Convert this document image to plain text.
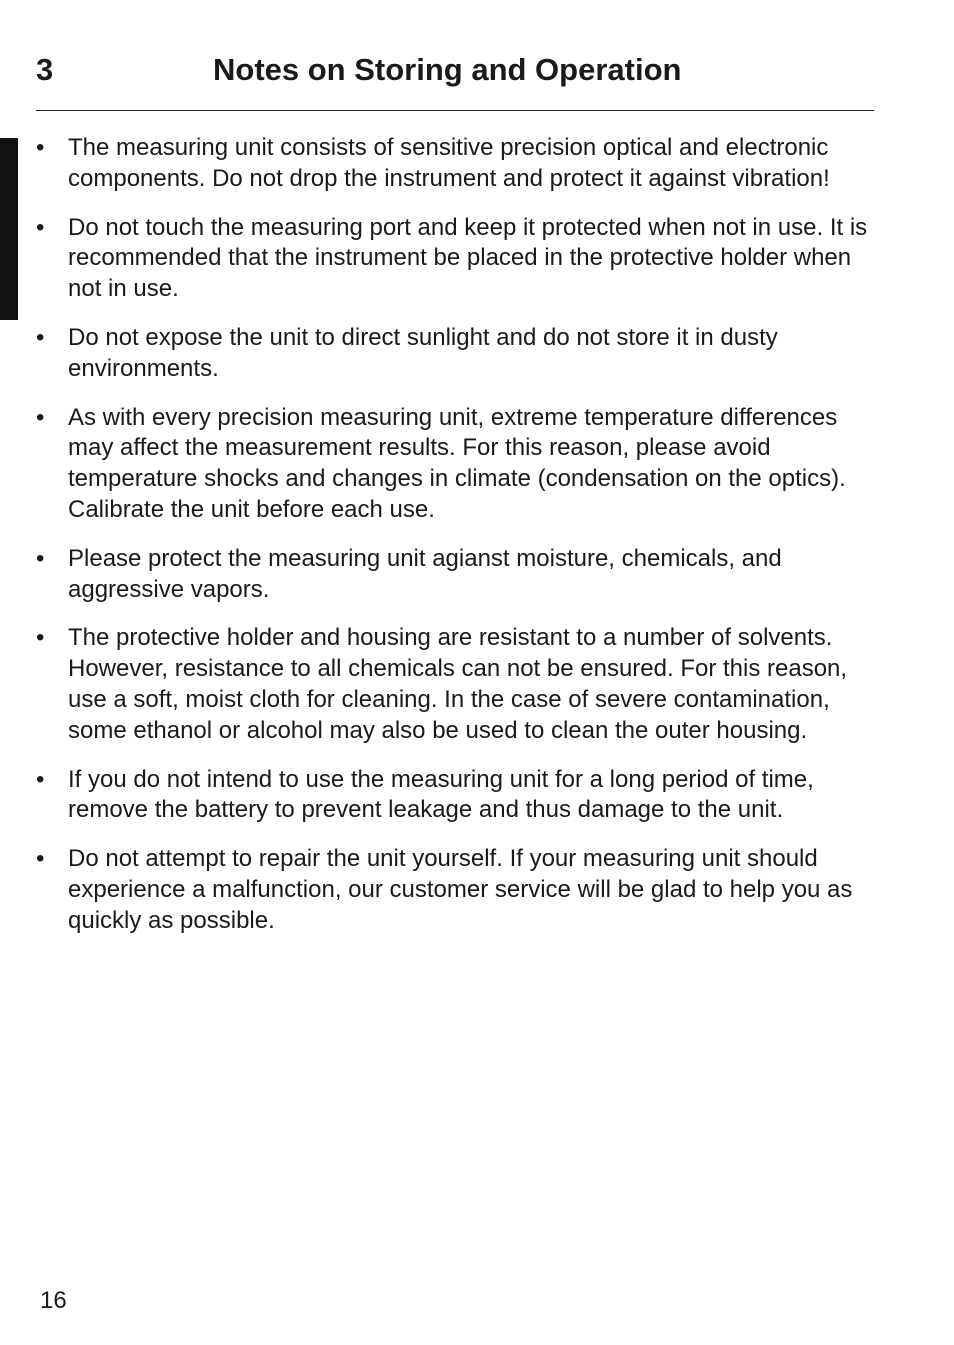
3	Notes on Storing and Operation
• The measuring unit consists of sensitive precision optical and electronic components. Do not drop the instrument and protect it against vibration!
• Do not touch the measuring port and keep it protected when not in use. It is recommended that the instrument be placed in the protective holder when not in use.
• Do not expose the unit to direct sunlight and do not store it in dusty environments.
• As with every precision measuring unit, extreme temperature differences may affect the measurement results. For this reason, please avoid temperature shocks and changes in climate (condensation on the optics). Calibrate the unit before each use.
• Please protect the measuring unit agianst moisture, chemicals, and aggressive vapors.
• The protective holder and housing are resistant to a number of solvents. However, resistance to all chemicals can not be ensured. For this reason, use a soft, moist cloth for cleaning. In the case of severe contamination, some ethanol or alcohol may also be used to clean the outer housing.
• If you do not intend to use the measuring unit for a long period of time, remove the battery to prevent leakage and thus damage to the unit.
• Do not attempt to repair the unit yourself. If your measuring unit should experience a malfunction, our customer service will be glad to help you as quickly as possible.
16
